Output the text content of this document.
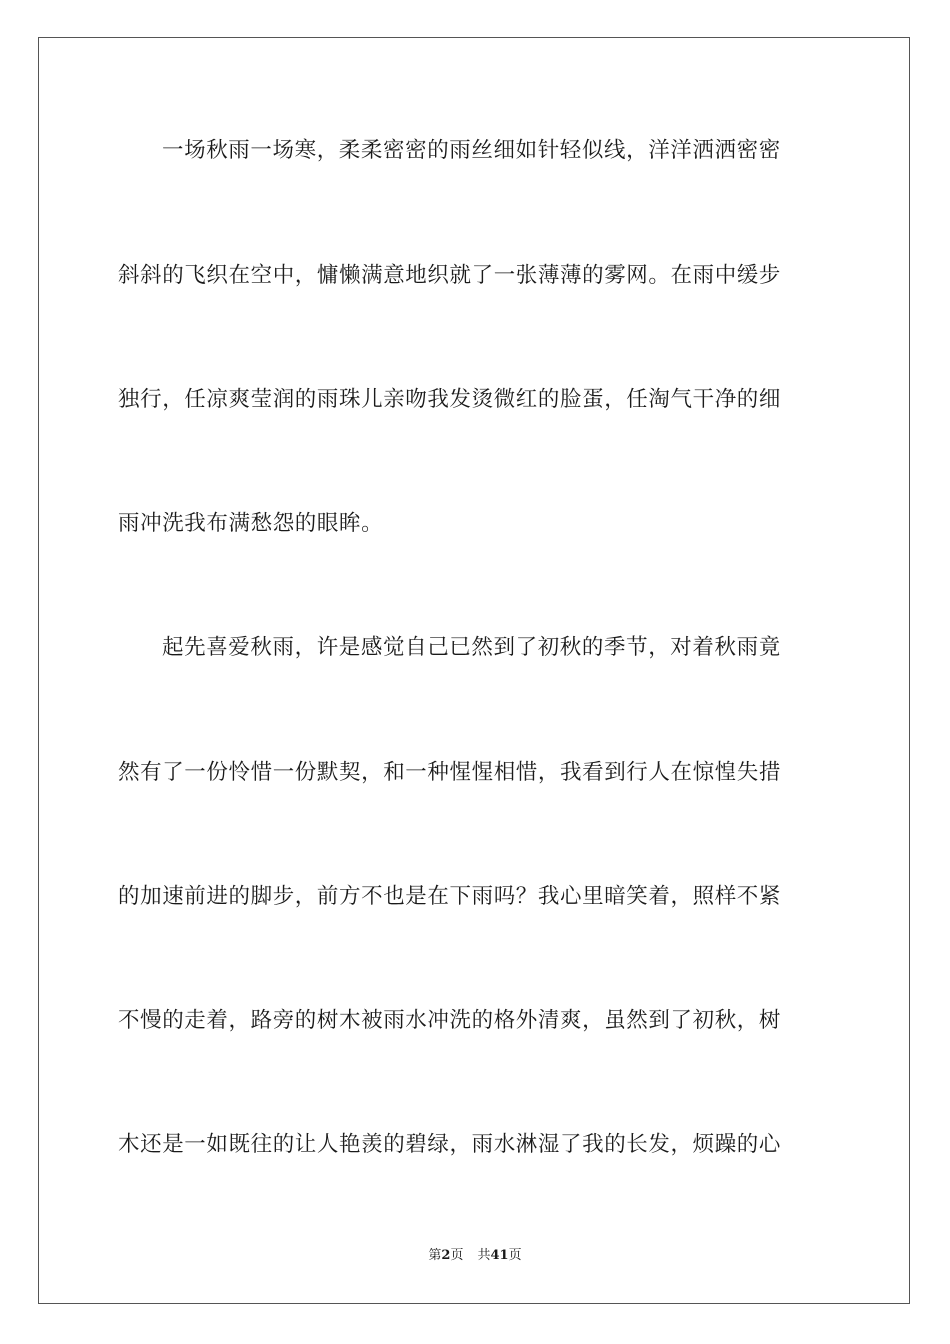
一场秋雨一场寒，柔柔密密的雨丝细如针轻似线，洋洋洒洒密密
斜斜的飞织在空中，慵懒满意地织就了一张薄薄的雾网。在雨中缓步
独行，任凉爽莹润的雨珠儿亲吻我发烫微红的脸蛋，任淘气干净的细
雨冲洗我布满愁怨的眼眸。
起先喜爱秋雨，许是感觉自己已然到了初秋的季节，对着秋雨竟
然有了一份怜惜一份默契，和一种惺惺相惜，我看到行人在惊惶失措
的加速前进的脚步，前方不也是在下雨吗？我心里暗笑着，照样不紧
不慢的走着，路旁的树木被雨水冲洗的格外清爽，虽然到了初秋，树
木还是一如既往的让人艳羡的碧绿，雨水淋湿了我的长发，烦躁的心
第2页 共41页
